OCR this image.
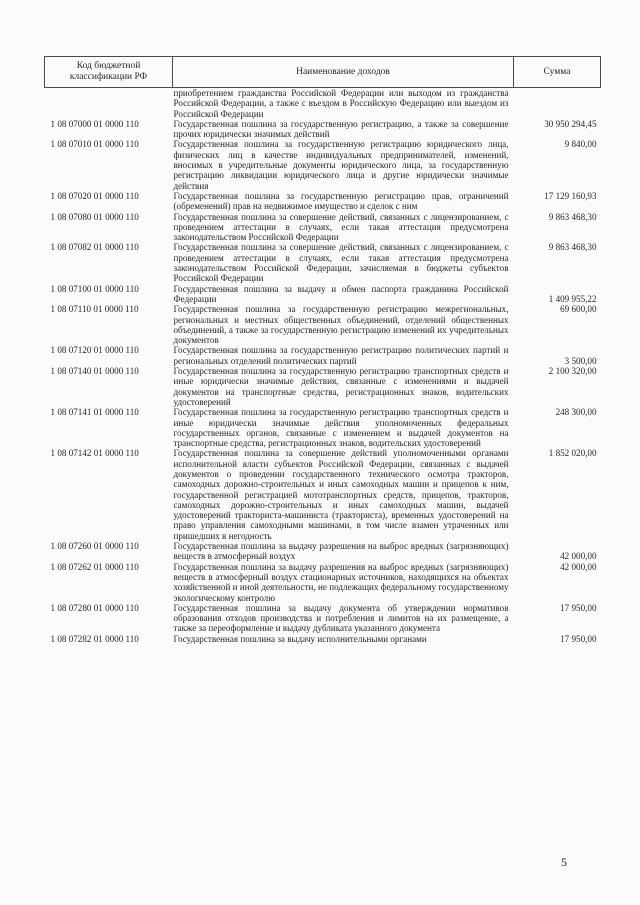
Код бюджетной классификации РФ	Наименование доходов	Сумма
	приобретением гражданства Российской Федерации или выходом из гражданства Российской Федерации, а также с въездом в Российскую Федерацию или выездом из Российской Федерации	
1 08 07000 01 0000 110	Государственная пошлина за государственную регистрацию, а также за совершение прочих юридически значимых действий	30 950 294,45
1 08 07010 01 0000 110	Государственная пошлина за государственную регистрацию юридического лица, физических лиц в качестве индивидуальных предпринимателей, изменений, вносимых в учредительные документы юридического лица, за государственную регистрацию ликвидации юридического лица и другие юридически значимые действия	9 840,00
1 08 07020 01 0000 110	Государственная пошлина за государственную регистрацию прав, ограничений (обременений) прав на недвижимое имущество и сделок с ним	17 129 160,93
1 08 07080 01 0000 110	Государственная пошлина за совершение действий, связанных с лицензированием, с проведением аттестации в случаях, если такая аттестация предусмотрена законодательством Российской Федерации	9 863 468,30
1 08 07082 01 0000 110	Государственная пошлина за совершение действий, связанных с лицензированием, с проведением аттестации в случаях, если такая аттестация предусмотрена законодательством Российской Федерации, зачисляемая в бюджеты субъектов Российской Федерации	9 863 468,30
1 08 07100 01 0000 110	Государственная пошлина за выдачу и обмен паспорта гражданина Российской Федерации	1 409 955,22
1 08 07110 01 0000 110	Государственная пошлина за государственную регистрацию межрегиональных, региональных и местных общественных объединений, отделений общественных объединений, а также за государственную регистрацию изменений их учредительных документов	69 600,00
1 08 07120 01 0000 110	Государственная пошлина за государственную регистрацию политических партий и региональных отделений политических партий	3 500,00
1 08 07140 01 0000 110	Государственная пошлина за государственную регистрацию транспортных средств и иные юридически значимые действия, связанные с изменениями и выдачей документов на транспортные средства, регистрационных знаков, водительских удостоверений	2 100 320,00
1 08 07141 01 0000 110	Государственная пошлина за государственную регистрацию транспортных средств и иные юридически значимые действия уполномоченных федеральных государственных органов, связанные с изменением и выдачей документов на транспортные средства, регистрационных знаков, водительских удостоверений	248 300,00
1 08 07142 01 0000 110	Государственная пошлина за совершение действий уполномоченными органами исполнительной власти субъектов Российской Федерации, связанных с выдачей документов о проведении государственного технического осмотра тракторов, самоходных дорожно-строительных и иных самоходных машин и прицепов к ним, государственной регистрацией мототранспортных средств, прицепов, тракторов, самоходных дорожно-строительных и иных самоходных машин, выдачей удостоверений тракториста-машиниста (тракториста), временных удостоверений на право управления самоходными машинами, в том числе взамен утраченных или пришедших в негодность	1 852 020,00
1 08 07260 01 0000 110	Государственная пошлина за выдачу разрешения на выброс вредных (загрязняющих) веществ в атмосферный воздух	42 000,00
1 08 07262 01 0000 110	Государственная пошлина за выдачу разрешения на выброс вредных (загрязняющих) веществ в атмосферный воздух стационарных источников, находящихся на объектах хозяйственной и иной деятельности, не подлежащих федеральному государственному экологическому контролю	42 000,00
1 08 07280 01 0000 110	Государственная пошлина за выдачу документа об утверждении нормативов образования отходов производства и потребления и лимитов на их размещение, а также за переоформление и выдачу дубликата указанного документа	17 950,00
1 08 07282 01 0000 110	Государственная пошлина за выдачу исполнительными органами	17 950,00
5
